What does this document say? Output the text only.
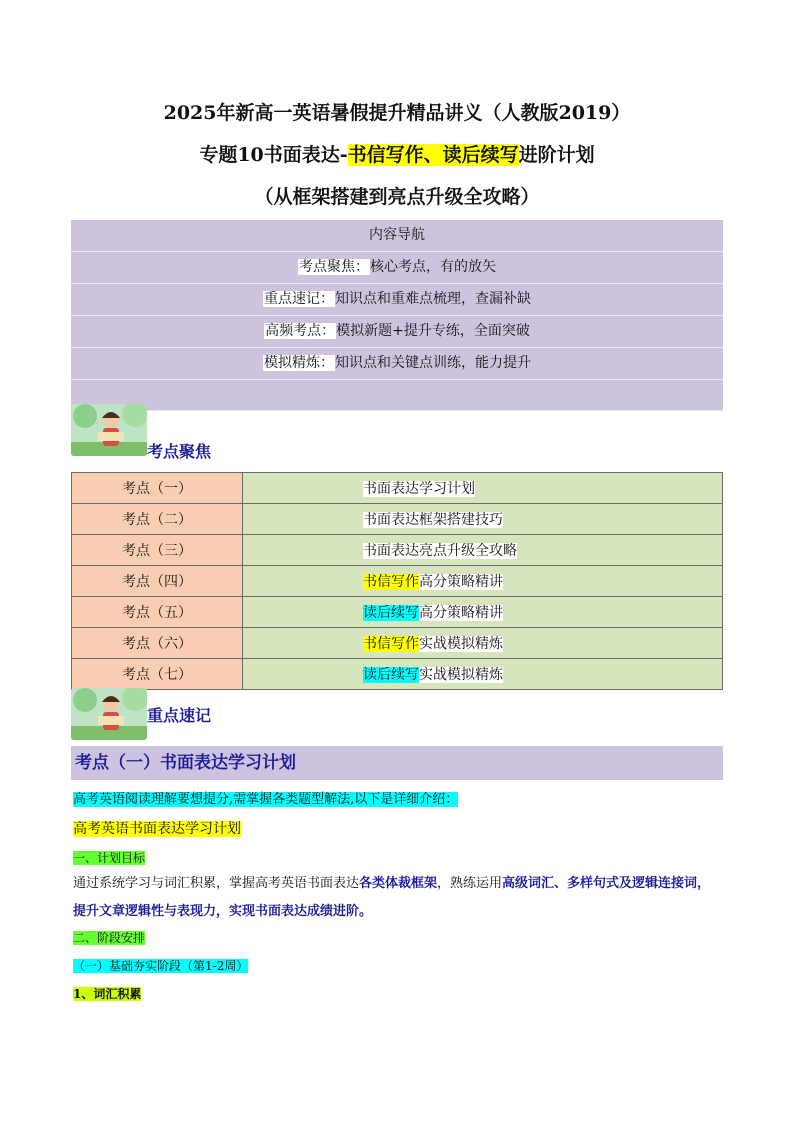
2025年新高一英语暑假提升精品讲义（人教版2019）
专题10书面表达-书信写作、读后续写进阶计划
（从框架搭建到亮点升级全攻略）
内容导航
考点聚焦：核心考点，有的放矢
重点速记：知识点和重难点梳理，查漏补缺
高频考点：模拟新题+提升专练，全面突破
模拟精炼：知识点和关键点训练，能力提升
考点聚焦
考点（一）	书面表达学习计划
考点（二）	书面表达框架搭建技巧
考点（三）	书面表达亮点升级全攻略
考点（四）	书信写作高分策略精讲
考点（五）	读后续写高分策略精讲
考点（六）	书信写作实战模拟精炼
考点（七）	读后续写实战模拟精炼
重点速记
考点（一）书面表达学习计划
高考英语阅读理解要想提分,需掌握各类题型解法,以下是详细介绍：
高考英语书面表达学习计划
一、计划目标
通过系统学习与词汇积累，掌握高考英语书面表达各类体裁框架，熟练运用高级词汇、多样句式及逻辑连接词，提升文章逻辑性与表现力，实现书面表达成绩进阶。
二、阶段安排
（一）基础夯实阶段（第1-2周）
1、词汇积累
